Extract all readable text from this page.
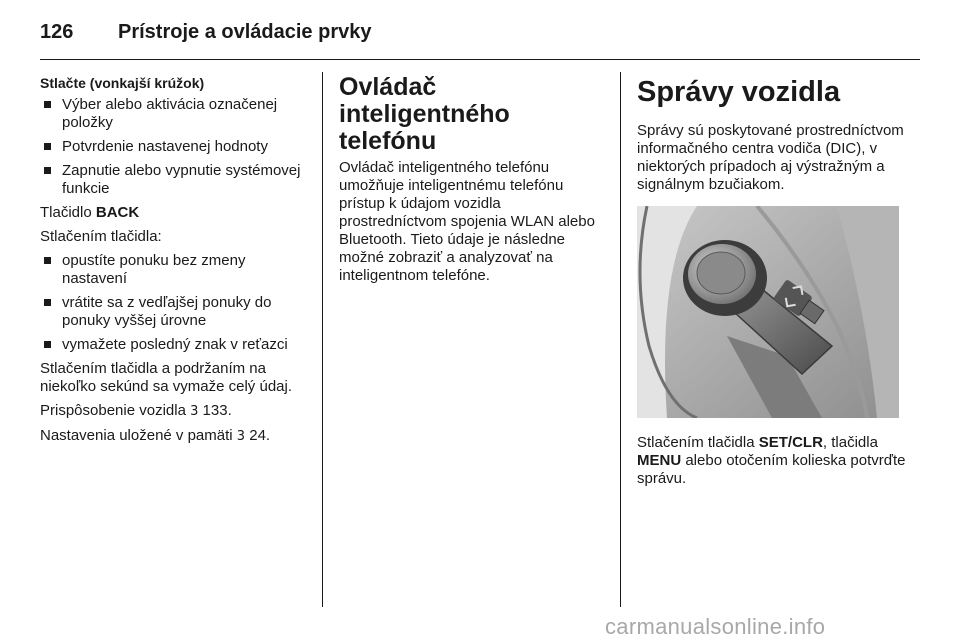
126 Prístroje a ovládacie prvky

Stlačte (vonkajší krúžok)

Výber alebo aktivácia označenej položky
Potvrdenie nastavenej hodnoty
Zapnutie alebo vypnutie systémovej funkcie

Tlačidlo BACK

Stlačením tlačidla:

opustíte ponuku bez zmeny nastavení
vrátite sa z vedľajšej ponuky do ponuky vyššej úrovne
vymažete posledný znak v reťazci

Stlačením tlačidla a podržaním na niekoľko sekúnd sa vymaže celý údaj.

Prispôsobenie vozidla 3 133.

Nastavenia uložené v pamäti 3 24.

Ovládač inteligentného telefónu

Ovládač inteligentného telefónu umožňuje inteligentnému telefónu prístup k údajom vozidla prostredníctvom spojenia WLAN alebo Bluetooth. Tieto údaje je následne možné zobraziť a analyzovať na inteligentnom telefóne.

Správy vozidla

Správy sú poskytované prostredníctvom informačného centra vodiča (DIC), v niektorých prípadoch aj výstražným a signálnym bzučiakom.

Stlačením tlačidla SET/CLR, tlačidla MENU alebo otočením kolieska potvrďte správu.

carmanualsonline.info
